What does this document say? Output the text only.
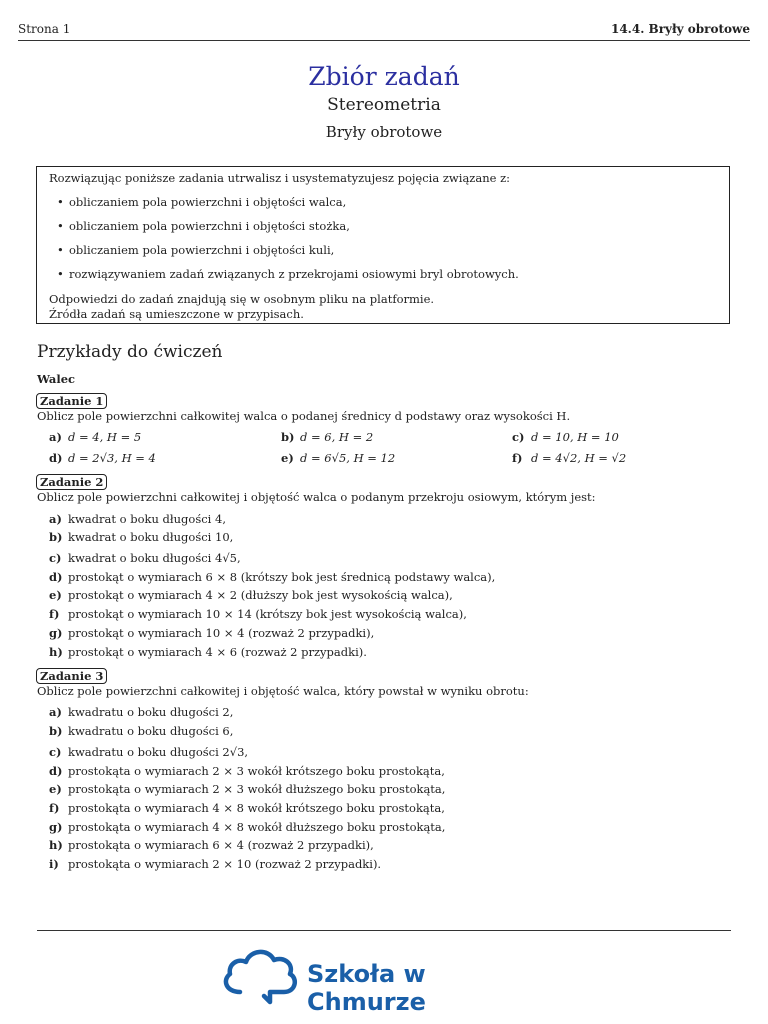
Strona 1	14.4. Bryły obrotowe
Zbiór zadań
Stereometria
Bryły obrotowe

Rozwiązując poniższe zadania utrwalisz i usystematyzujesz pojęcia związane z:

• obliczaniem pola powierzchni i objętości walca,
• obliczaniem pola powierzchni i objętości stożka,
• obliczaniem pola powierzchni i objętości kuli,
• rozwiązywaniem zadań związanych z przekrojami osiowymi bryl obrotowych.

Odpowiedzi do zadań znajdują się w osobnym pliku na platformie.

Źródła zadań są umieszczone w przypisach.

Przykłady do ćwiczeń
Walec
Zadanie 1
Oblicz pole powierzchni całkowitej walca o podanej średnicy d podstawy oraz wysokości H.
a) d = 4, H = 5	b) d = 6, H = 2	c) d = 10, H = 10
d) d = 2√3, H = 4	e) d = 6√5, H = 12	f) d = 4√2, H = √2
Zadanie 2
Oblicz pole powierzchni całkowitej i objętość walca o podanym przekroju osiowym, którym jest:
a) kwadrat o boku długości 4,
b) kwadrat o boku długości 10,
c) kwadrat o boku długości 4√5,
d) prostokąt o wymiarach 6 × 8 (krótszy bok jest średnicą podstawy walca),
e) prostokąt o wymiarach 4 × 2 (dłuższy bok jest wysokością walca),
f) prostokąt o wymiarach 10 × 14 (krótszy bok jest wysokością walca),
g) prostokąt o wymiarach 10 × 4 (rozważ 2 przypadki),
h) prostokąt o wymiarach 4 × 6 (rozważ 2 przypadki).
Zadanie 3
Oblicz pole powierzchni całkowitej i objętość walca, który powstał w wyniku obrotu:
a) kwadratu o boku długości 2,
b) kwadratu o boku długości 6,
c) kwadratu o boku długości 2√3,
d) prostokąta o wymiarach 2 × 3 wokół krótszego boku prostokąta,
e) prostokąta o wymiarach 2 × 3 wokół dłuższego boku prostokąta,
f) prostokąta o wymiarach 4 × 8 wokół krótszego boku prostokąta,
g) prostokąta o wymiarach 4 × 8 wokół dłuższego boku prostokąta,
h) prostokąta o wymiarach 6 × 4 (rozważ 2 przypadki),
i) prostokąta o wymiarach 2 × 10 (rozważ 2 przypadki).
Szkoła w Chmurze
